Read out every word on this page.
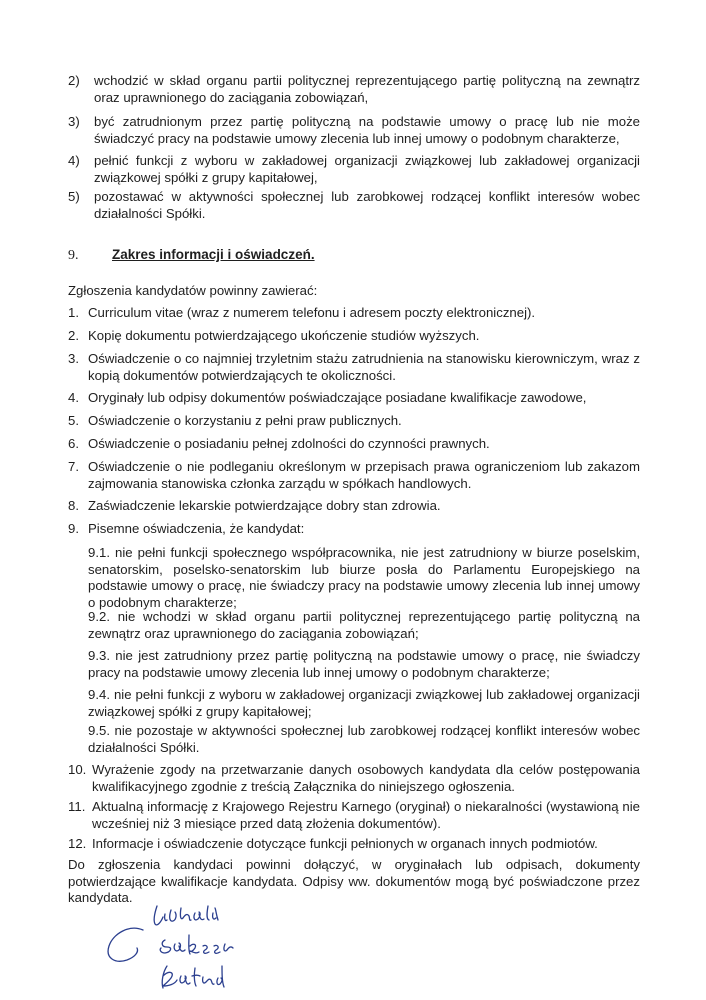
2) wchodzić w skład organu partii politycznej reprezentującego partię polityczną na zewnątrz oraz uprawnionego do zaciągania zobowiązań,
3) być zatrudnionym przez partię polityczną na podstawie umowy o pracę lub nie może świadczyć pracy na podstawie umowy zlecenia lub innej umowy o podobnym charakterze,
4) pełnić funkcji z wyboru w zakładowej organizacji związkowej lub zakładowej organizacji związkowej spółki z grupy kapitałowej,
5) pozostawać w aktywności społecznej lub zarobkowej rodzącej konflikt interesów wobec działalności Spółki.
9. Zakres informacji i oświadczeń.
Zgłoszenia kandydatów powinny zawierać:
1. Curriculum vitae (wraz z numerem telefonu i adresem poczty elektronicznej).
2. Kopię dokumentu potwierdzającego ukończenie studiów wyższych.
3. Oświadczenie o co najmniej trzyletnim stażu zatrudnienia na stanowisku kierowniczym, wraz z kopią dokumentów potwierdzających te okoliczności.
4. Oryginały lub odpisy dokumentów poświadczające posiadane kwalifikacje zawodowe,
5. Oświadczenie o korzystaniu z pełni praw publicznych.
6. Oświadczenie o posiadaniu pełnej zdolności do czynności prawnych.
7. Oświadczenie o nie podleganiu określonym w przepisach prawa ograniczeniom lub zakazom zajmowania stanowiska członka zarządu w spółkach handlowych.
8. Zaświadczenie lekarskie potwierdzające dobry stan zdrowia.
9. Pisemne oświadczenia, że kandydat:
9.1. nie pełni funkcji społecznego współpracownika, nie jest zatrudniony w biurze poselskim, senatorskim, poselsko-senatorskim lub biurze posła do Parlamentu Europejskiego na podstawie umowy o pracę, nie świadczy pracy na podstawie umowy zlecenia lub innej umowy o podobnym charakterze;
9.2. nie wchodzi w skład organu partii politycznej reprezentującego partię polityczną na zewnątrz oraz uprawnionego do zaciągania zobowiązań;
9.3. nie jest zatrudniony przez partię polityczną na podstawie umowy o pracę, nie świadczy pracy na podstawie umowy zlecenia lub innej umowy o podobnym charakterze;
9.4. nie pełni funkcji z wyboru w zakładowej organizacji związkowej lub zakładowej organizacji związkowej spółki z grupy kapitałowej;
9.5. nie pozostaje w aktywności społecznej lub zarobkowej rodzącej konflikt interesów wobec działalności Spółki.
10. Wyrażenie zgody na przetwarzanie danych osobowych kandydata dla celów postępowania kwalifikacyjnego zgodnie z treścią Załącznika do niniejszego ogłoszenia.
11. Aktualną informację z Krajowego Rejestru Karnego (oryginał) o niekaralności (wystawioną nie wcześniej niż 3 miesiące przed datą złożenia dokumentów).
12. Informacje i oświadczenie dotyczące funkcji pełnionych w organach innych podmiotów.
Do zgłoszenia kandydaci powinni dołączyć, w oryginałach lub odpisach, dokumenty potwierdzające kwalifikacje kandydata. Odpisy ww. dokumentów mogą być poświadczone przez kandydata.
